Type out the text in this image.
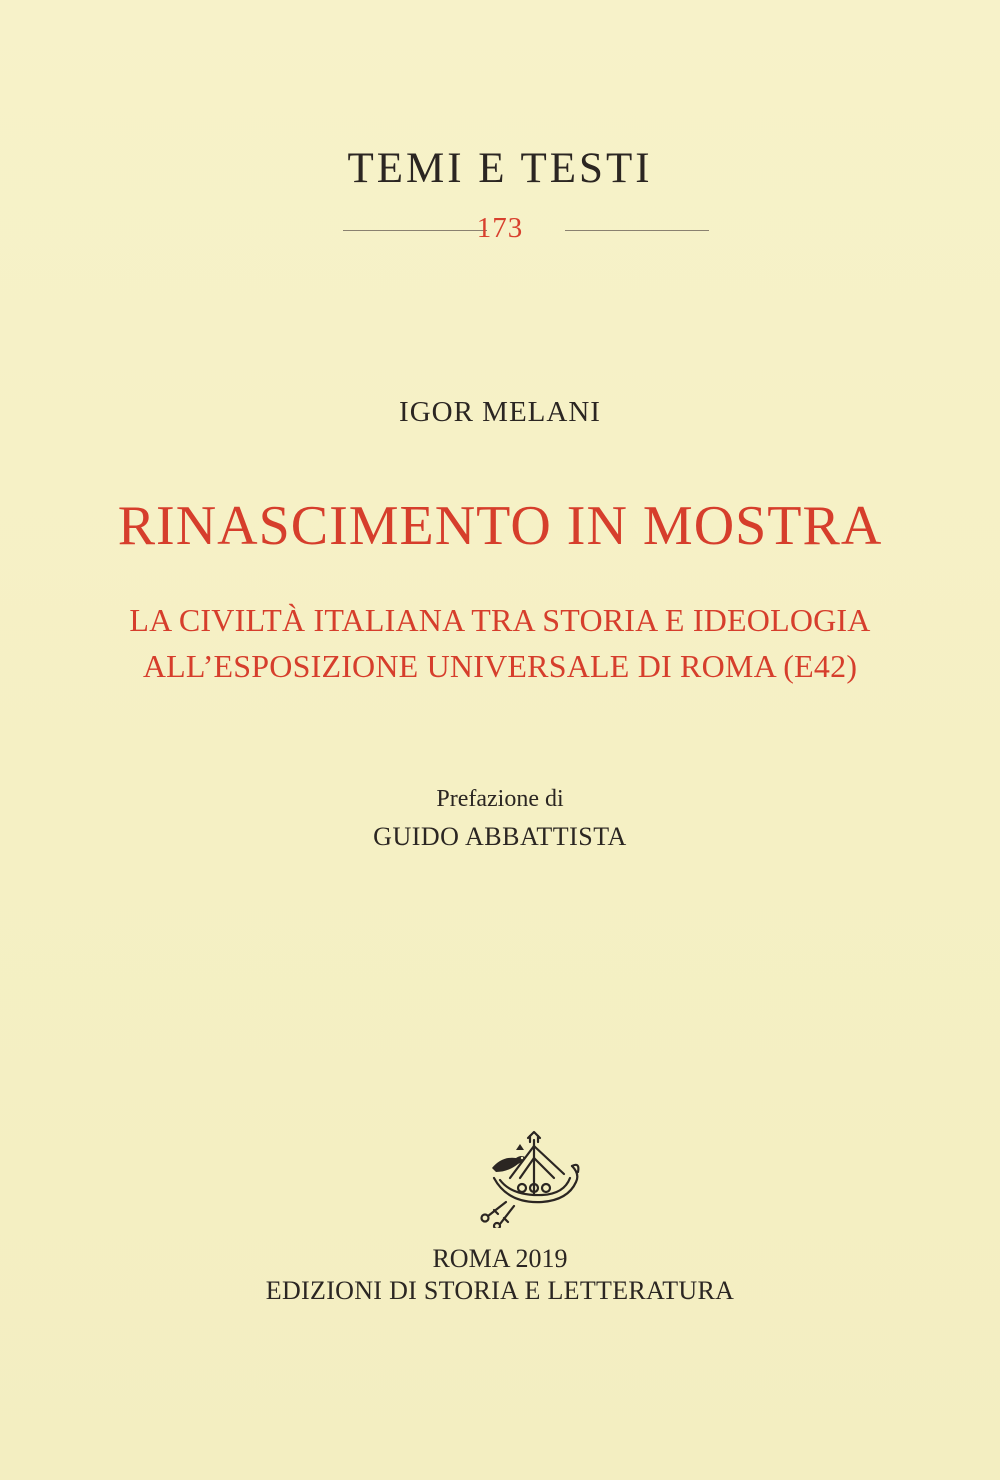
TEMI E TESTI
173
IGOR MELANI
RINASCIMENTO IN MOSTRA
LA CIVILTÀ ITALIANA TRA STORIA E IDEOLOGIA
ALL’ESPOSIZIONE UNIVERSALE DI ROMA (E42)
Prefazione di
GUIDO ABBATTISTA
ROMA 2019
EDIZIONI DI STORIA E LETTERATURA
